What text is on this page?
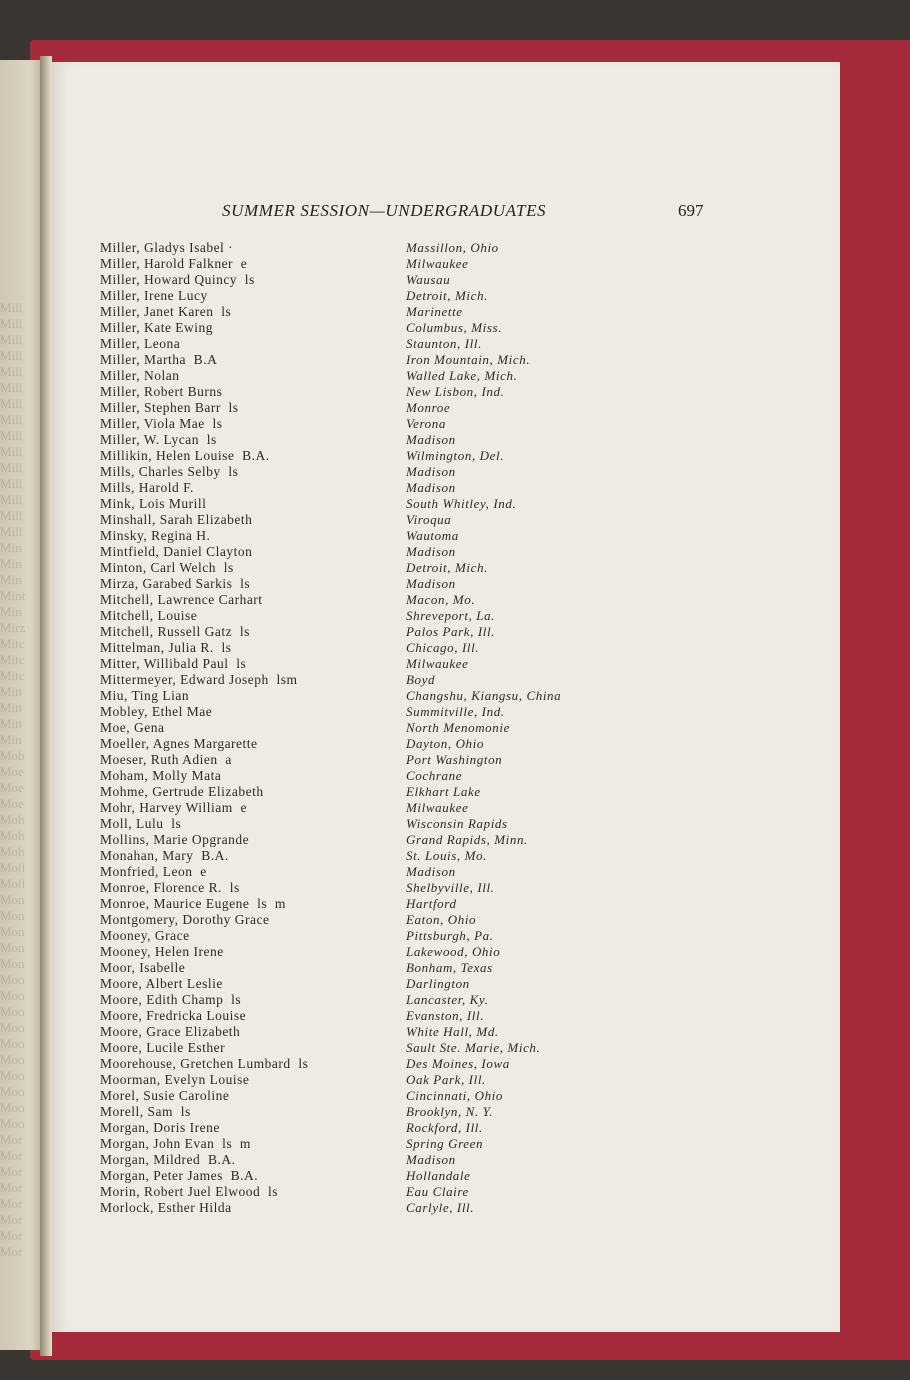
Mill
Mill
Mill
Mill
Mill
Mill
Mill
Mill
Mill
Mill
Mill
Mill
Mill
Mill
Mill
Min
Min
Min
Mint
Min
Mirz
Mitc
Mitc
Mitc
Mitt
Mitt
Mitt
Miu
Mob
Moe
Moe
Moe
Moh
Moh
Moh
Moll
Moll
Mon
Mon
Mon
Mon
Mon
Moo
Moo
Moo
Moo
Moo
Moo
Moo
Moo
Moo
Moo
Mor
Mor
Mor
Mor
Mor
Mor
Mor
Mor
SUMMER SESSION—UNDERGRADUATES	697
Miller, Gladys Isabel ·	Massillon, Ohio
Miller, Harold Falkner  e	Milwaukee
Miller, Howard Quincy  ls	Wausau
Miller, Irene Lucy	Detroit, Mich.
Miller, Janet Karen  ls	Marinette
Miller, Kate Ewing	Columbus, Miss.
Miller, Leona	Staunton, Ill.
Miller, Martha  B.A	Iron Mountain, Mich.
Miller, Nolan	Walled Lake, Mich.
Miller, Robert Burns	New Lisbon, Ind.
Miller, Stephen Barr  ls	Monroe
Miller, Viola Mae  ls	Verona
Miller, W. Lycan  ls	Madison
Millikin, Helen Louise  B.A.	Wilmington, Del.
Mills, Charles Selby  ls	Madison
Mills, Harold F.	Madison
Mink, Lois Murill	South Whitley, Ind.
Minshall, Sarah Elizabeth	Viroqua
Minsky, Regina H.	Wautoma
Mintfield, Daniel Clayton	Madison
Minton, Carl Welch  ls	Detroit, Mich.
Mirza, Garabed Sarkis  ls	Madison
Mitchell, Lawrence Carhart	Macon, Mo.
Mitchell, Louise	Shreveport, La.
Mitchell, Russell Gatz  ls	Palos Park, Ill.
Mittelman, Julia R.  ls	Chicago, Ill.
Mitter, Willibald Paul  ls	Milwaukee
Mittermeyer, Edward Joseph  lsm	Boyd
Miu, Ting Lian	Changshu, Kiangsu, China
Mobley, Ethel Mae	Summitville, Ind.
Moe, Gena	North Menomonie
Moeller, Agnes Margarette	Dayton, Ohio
Moeser, Ruth Adien  a	Port Washington
Moham, Molly Mata	Cochrane
Mohme, Gertrude Elizabeth	Elkhart Lake
Mohr, Harvey William  e	Milwaukee
Moll, Lulu  ls	Wisconsin Rapids
Mollins, Marie Opgrande	Grand Rapids, Minn.
Monahan, Mary  B.A.	St. Louis, Mo.
Monfried, Leon  e	Madison
Monroe, Florence R.  ls	Shelbyville, Ill.
Monroe, Maurice Eugene  ls  m	Hartford
Montgomery, Dorothy Grace	Eaton, Ohio
Mooney, Grace	Pittsburgh, Pa.
Mooney, Helen Irene	Lakewood, Ohio
Moor, Isabelle	Bonham, Texas
Moore, Albert Leslie	Darlington
Moore, Edith Champ  ls	Lancaster, Ky.
Moore, Fredricka Louise	Evanston, Ill.
Moore, Grace Elizabeth	White Hall, Md.
Moore, Lucile Esther	Sault Ste. Marie, Mich.
Moorehouse, Gretchen Lumbard  ls	Des Moines, Iowa
Moorman, Evelyn Louise	Oak Park, Ill.
Morel, Susie Caroline	Cincinnati, Ohio
Morell, Sam  ls	Brooklyn, N. Y.
Morgan, Doris Irene	Rockford, Ill.
Morgan, John Evan  ls  m	Spring Green
Morgan, Mildred  B.A.	Madison
Morgan, Peter James  B.A.	Hollandale
Morin, Robert Juel Elwood  ls	Eau Claire
Morlock, Esther Hilda	Carlyle, Ill.
